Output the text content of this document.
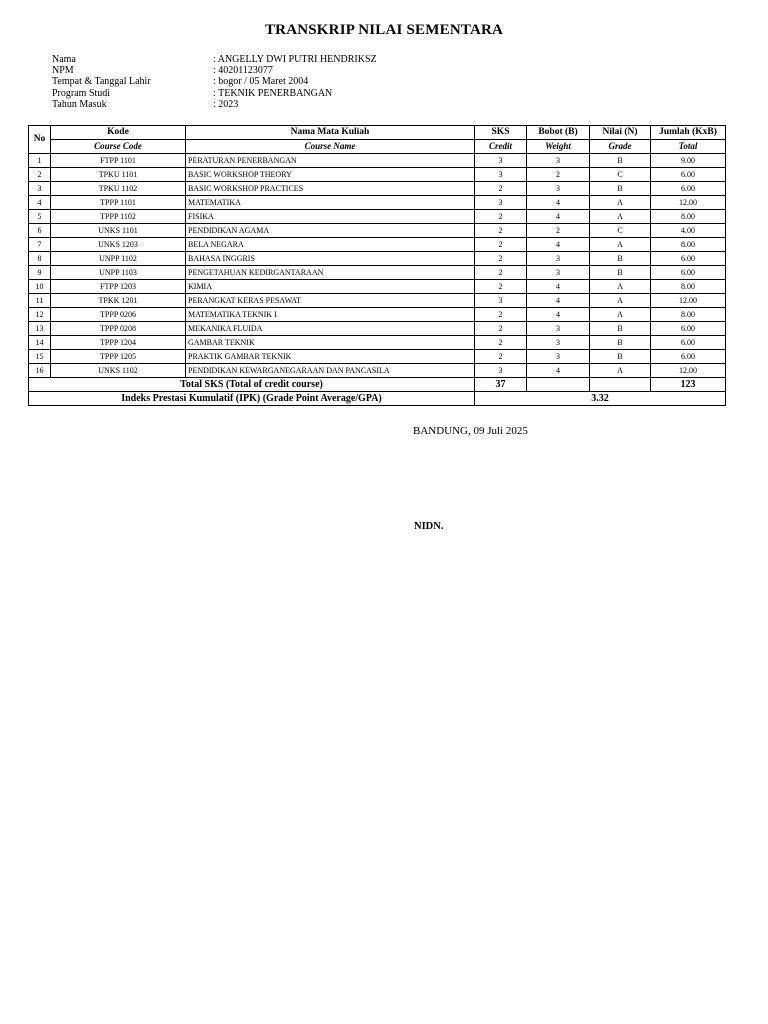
TRANSKRIP NILAI SEMENTARA
Nama	: ANGELLY DWI PUTRI HENDRIKSZ
NPM	: 40201123077
Tempat & Tanggal Lahir	: bogor / 05 Maret 2004
Program Studi	: TEKNIK PENERBANGAN
Tahun Masuk	: 2023
No	Kode	Nama Mata Kuliah	SKS	Bobot (B)	Nilai (N)	Jumlah (KxB)
	Course Code	Course Name	Credit	Weight	Grade	Total
1	FTPP 1101	PERATURAN PENERBANGAN	3	3	B	9.00
2	TPKU 1101	BASIC WORKSHOP THEORY	3	2	C	6.00
3	TPKU 1102	BASIC WORKSHOP PRACTICES	2	3	B	6.00
4	TPPP 1101	MATEMATIKA	3	4	A	12.00
5	TPPP 1102	FISIKA	2	4	A	8.00
6	UNKS 1101	PENDIDIKAN AGAMA	2	2	C	4.00
7	UNKS 1203	BELA NEGARA	2	4	A	8.00
8	UNPP 1102	BAHASA INGGRIS	2	3	B	6.00
9	UNPP 1103	PENGETAHUAN KEDIRGANTARAAN	2	3	B	6.00
10	FTPP 1203	KIMIA	2	4	A	8.00
11	TPKK 1201	PERANGKAT KERAS PESAWAT	3	4	A	12.00
12	TPPP 0206	MATEMATIKA TEKNIK I	2	4	A	8.00
13	TPPP 0208	MEKANIKA FLUIDA	2	3	B	6.00
14	TPPP 1204	GAMBAR TEKNIK	2	3	B	6.00
15	TPPP 1205	PRAKTIK GAMBAR TEKNIK	2	3	B	6.00
16	UNKS 1102	PENDIDIKAN KEWARGANEGARAAN DAN PANCASILA	3	4	A	12.00
Total SKS (Total of credit course)			37			123
Indeks Prestasi Kumulatif (IPK) (Grade Point Average/GPA)			3.32			
BANDUNG, 09 Juli 2025
NIDN.
